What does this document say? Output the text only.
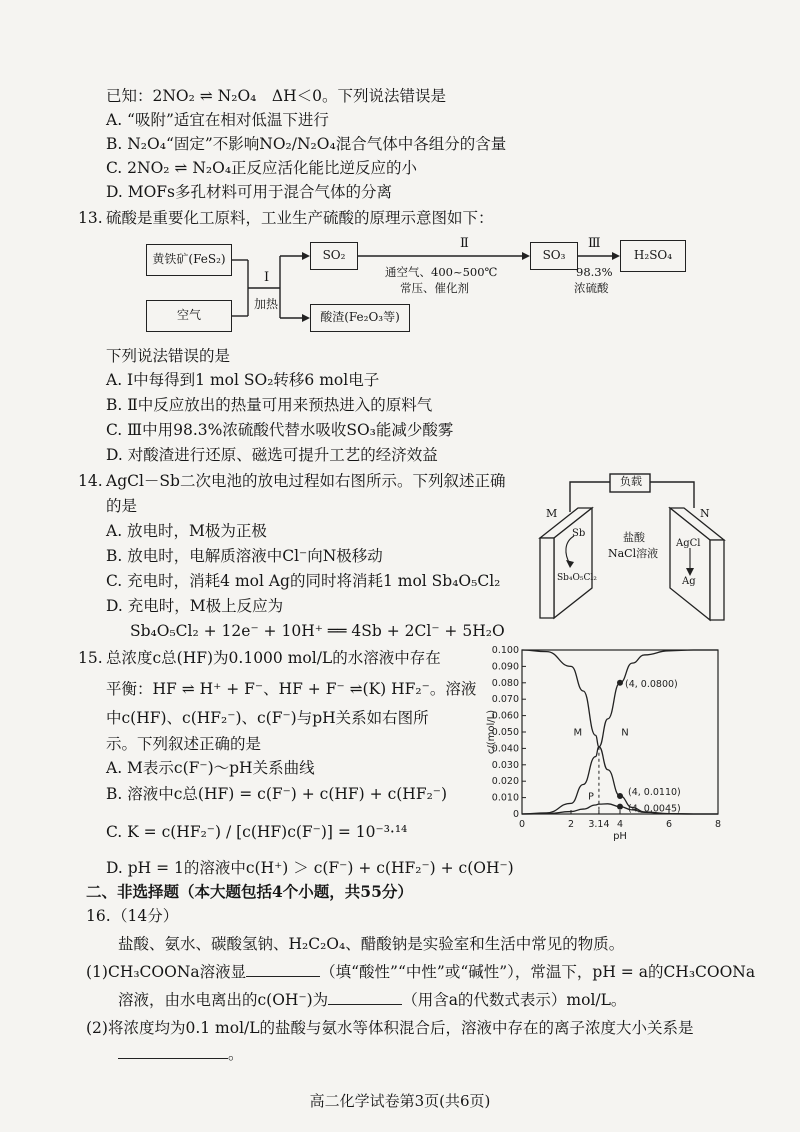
已知：2NO₂ ⇌ N₂O₄　ΔH＜0。下列说法错误是
A. “吸附”适宜在相对低温下进行
B. N₂O₄“固定”不影响NO₂/N₂O₄混合气体中各组分的含量
C. 2NO₂ ⇌ N₂O₄正反应活化能比逆反应的小
D. MOFs多孔材料可用于混合气体的分离
13. 硫酸是重要化工原料，工业生产硫酸的原理示意图如下：
黄铁矿(FeS₂)
空气
Ⅰ
加热
SO₂
酸渣(Fe₂O₃等)
Ⅱ
通空气、400~500℃
常压、催化剂
SO₃
Ⅲ
98.3%
浓硫酸
H₂SO₄
下列说法错误的是
A. Ⅰ中每得到1 mol SO₂转移6 mol电子
B. Ⅱ中反应放出的热量可用来预热进入的原料气
C. Ⅲ中用98.3%浓硫酸代替水吸收SO₃能减少酸雾
D. 对酸渣进行还原、磁选可提升工艺的经济效益
14. AgCl－Sb二次电池的放电过程如右图所示。下列叙述正确
的是
A. 放电时，M极为正极
B. 放电时，电解质溶液中Cl⁻向N极移动
C. 充电时，消耗4 mol Ag的同时将消耗1 mol Sb₄O₅Cl₂
D. 充电时，M极上反应为
Sb₄O₅Cl₂ + 12e⁻ + 10H⁺ ══ 4Sb + 2Cl⁻ + 5H₂O
负载
M	N
Sb
Sb₄O₅Cl₂
盐酸
NaCl溶液
AgCl
Ag
15. 总浓度c总(HF)为0.1000 mol/L的水溶液中存在
平衡：HF ⇌ H⁺ + F⁻、HF + F⁻ ⇌(K) HF₂⁻。溶液
中c(HF)、c(HF₂⁻)、c(F⁻)与pH关系如右图所
示。下列叙述正确的是
A. M表示c(F⁻)～pH关系曲线
B. 溶液中c总(HF) = c(F⁻) + c(HF) + c(HF₂⁻)
C. K = c(HF₂⁻) / [c(HF)c(F⁻)] = 10⁻³·¹⁴
D. pH = 1的溶液中c(H⁺) ＞ c(F⁻) + c(HF₂⁻) + c(OH⁻)
0
0.010
0.020
0.030
0.040
0.050
0.060
0.070
0.080
0.090
0.100
0	2 3.14 4	6	8
pH
c/(mol/L)
(4, 0.0800)
(4, 0.0110)
(4, 0.0045)
M	N
P
二、非选择题（本大题包括4个小题，共55分）
16. （14分）
盐酸、氨水、碳酸氢钠、H₂C₂O₄、醋酸钠是实验室和生活中常见的物质。
(1)CH₃COONa溶液显	（填“酸性”“中性”或“碱性”），常温下，pH = a的CH₃COONa
溶液，由水电离出的c(OH⁻)为	（用含a的代数式表示）mol/L。
(2)将浓度均为0.1 mol/L的盐酸与氨水等体积混合后，溶液中存在的离子浓度大小关系是
。
高二化学试卷第3页(共6页)
